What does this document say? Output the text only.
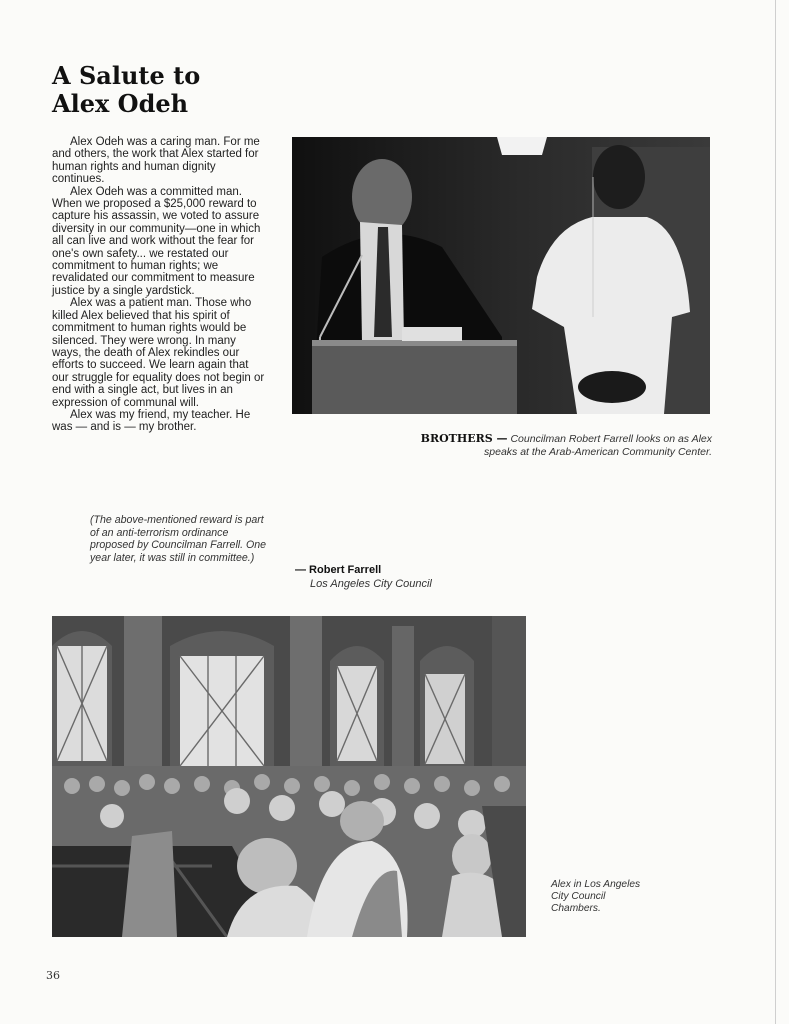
A Salute to
Alex Odeh

Alex Odeh was a caring man. For me and others, the work that Alex started for human rights and human dignity continues.

Alex Odeh was a committed man. When we proposed a $25,000 reward to capture his assassin, we voted to assure diversity in our community—one in which all can live and work without the fear for one's own safety... we restated our commitment to human rights; we revalidated our commitment to measure justice by a single yardstick.

Alex was a patient man. Those who killed Alex believed that his spirit of commitment to human rights would be silenced. They were wrong. In many ways, the death of Alex rekindles our efforts to succeed. We learn again that our struggle for equality does not begin or end with a single act, but lives in an expression of communal will.

Alex was my friend, my teacher. He was — and is — my brother.

(The above-mentioned reward is part of an anti-terrorism ordinance proposed by Councilman Farrell. One year later, it was still in committee.)
— Robert Farrell
Los Angeles City Council
BROTHERS — Councilman Robert Farrell looks on as Alex speaks at the Arab-American Community Center.
Alex in Los Angeles City Council Chambers.
36
